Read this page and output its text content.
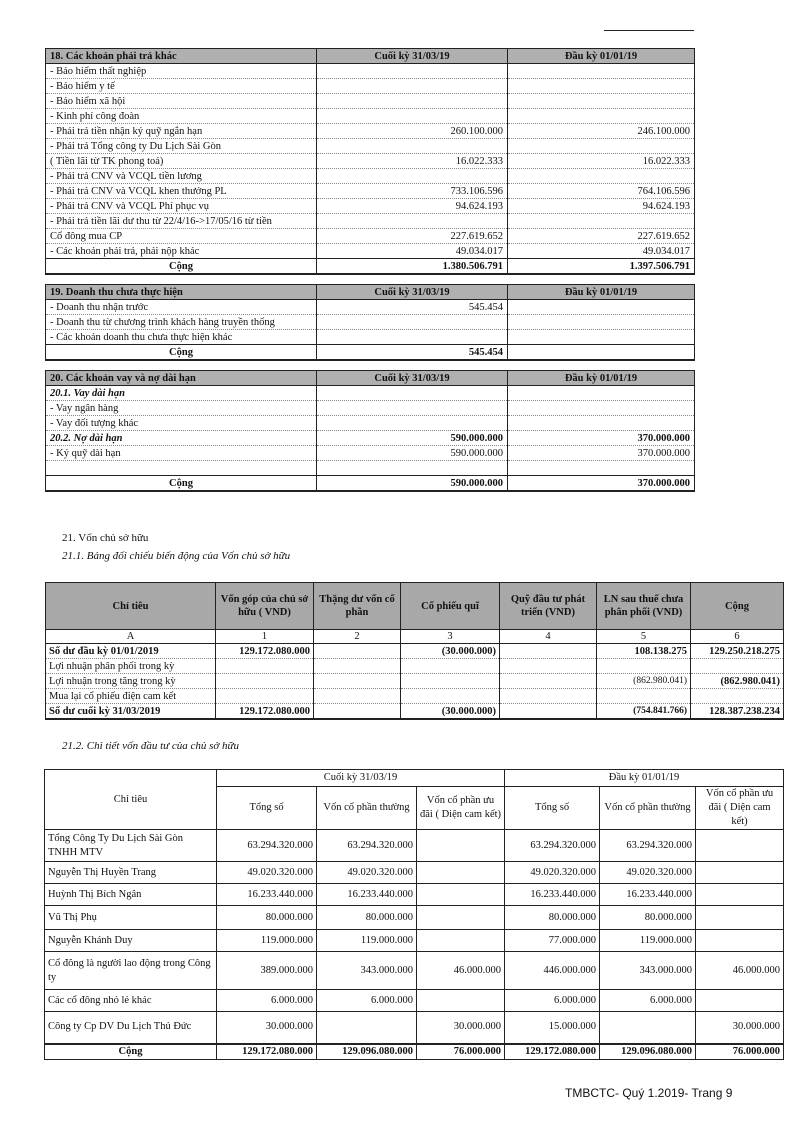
18. Các khoản phải trả khác	Cuối kỳ 31/03/19	Đầu kỳ 01/01/19
- Bảo hiểm thất nghiệp		
- Bảo hiểm y tế		
- Bảo hiểm xã hội		
- Kinh phí công đoàn		
- Phải trả tiền nhận ký quỹ ngắn hạn	260.100.000	246.100.000
- Phải trả Tổng công ty Du Lịch Sài Gòn		
( Tiền lãi từ TK phong toả)	16.022.333	16.022.333
- Phải trả CNV và VCQL tiền lương		
- Phải trả CNV và VCQL khen thưởng PL	733.106.596	764.106.596
- Phải trả CNV và VCQL Phí phục vụ	94.624.193	94.624.193
- Phải trả tiền lãi dư thu từ 22/4/16->17/05/16 từ tiền		
Cổ đông mua CP	227.619.652	227.619.652
- Các khoản phải trả, phải nộp khác	49.034.017	49.034.017
Cộng	1.380.506.791	1.397.506.791
19. Doanh thu chưa thực hiện	Cuối kỳ 31/03/19	Đầu kỳ 01/01/19
- Doanh thu nhận trước	545.454	
- Doanh thu từ chương trình khách hàng truyền thống		
- Các khoản doanh thu chưa thực hiện khác		
Cộng	545.454	
20. Các khoản vay và nợ dài hạn	Cuối kỳ 31/03/19	Đầu kỳ 01/01/19
20.1. Vay dài hạn		
- Vay ngân hàng		
- Vay đối tượng khác		
20.2. Nợ dài hạn	590.000.000	370.000.000
- Ký quỹ dài hạn	590.000.000	370.000.000

Cộng	590.000.000	370.000.000
21. Vốn chủ sở hữu
21.1. Bảng đối chiếu biến động của Vốn chủ sở hữu
Chỉ tiêu	Vốn góp của chủ sở hữu ( VND)	Thặng dư vốn cổ phần	Cổ phiếu quĩ	Quỹ đầu tư phát triển (VND)	LN sau thuế chưa phân phối (VND)	Cộng
A	1	2	3	4	5	6
Số dư đầu kỳ 01/01/2019	129.172.080.000		(30.000.000)		108.138.275	129.250.218.275
Lợi nhuận phân phối trong kỳ						
Lợi nhuận trong tăng trong kỳ					(862.980.041)	(862.980.041)
Mua lại cổ phiếu điện cam kết						
Số dư cuối kỳ 31/03/2019	129.172.080.000		(30.000.000)		(754.841.766)	128.387.238.234
21.2. Chi tiết vốn đầu tư của chủ sở hữu
Chỉ tiêu	Cuối kỳ 31/03/19			Đầu kỳ 01/01/19		
	Tổng số	Vốn cổ phần thường	Vốn cổ phần ưu đãi ( Diện cam kết)	Tổng số	Vốn cổ phần thường	Vốn cổ phần ưu đãi ( Diện cam kết)
Tổng Công Ty Du Lịch Sài Gòn TNHH MTV	63.294.320.000	63.294.320.000		63.294.320.000	63.294.320.000	
Nguyễn Thị Huyền Trang	49.020.320.000	49.020.320.000		49.020.320.000	49.020.320.000	
Huỳnh Thị Bích Ngân	16.233.440.000	16.233.440.000		16.233.440.000	16.233.440.000	
Vũ Thị Phụ	80.000.000	80.000.000		80.000.000	80.000.000	
Nguyễn Khánh Duy	119.000.000	119.000.000		77.000.000	119.000.000	
Cổ đông là người lao động trong Công ty	389.000.000	343.000.000	46.000.000	446.000.000	343.000.000	46.000.000
Các cổ đông nhỏ lẻ khác	6.000.000	6.000.000		6.000.000	6.000.000	
Công ty Cp DV Du Lịch Thủ Đức	30.000.000		30.000.000	15.000.000		30.000.000
Cộng	129.172.080.000	129.096.080.000	76.000.000	129.172.080.000	129.096.080.000	76.000.000
TMBCTC- Quý 1.2019- Trang 9
